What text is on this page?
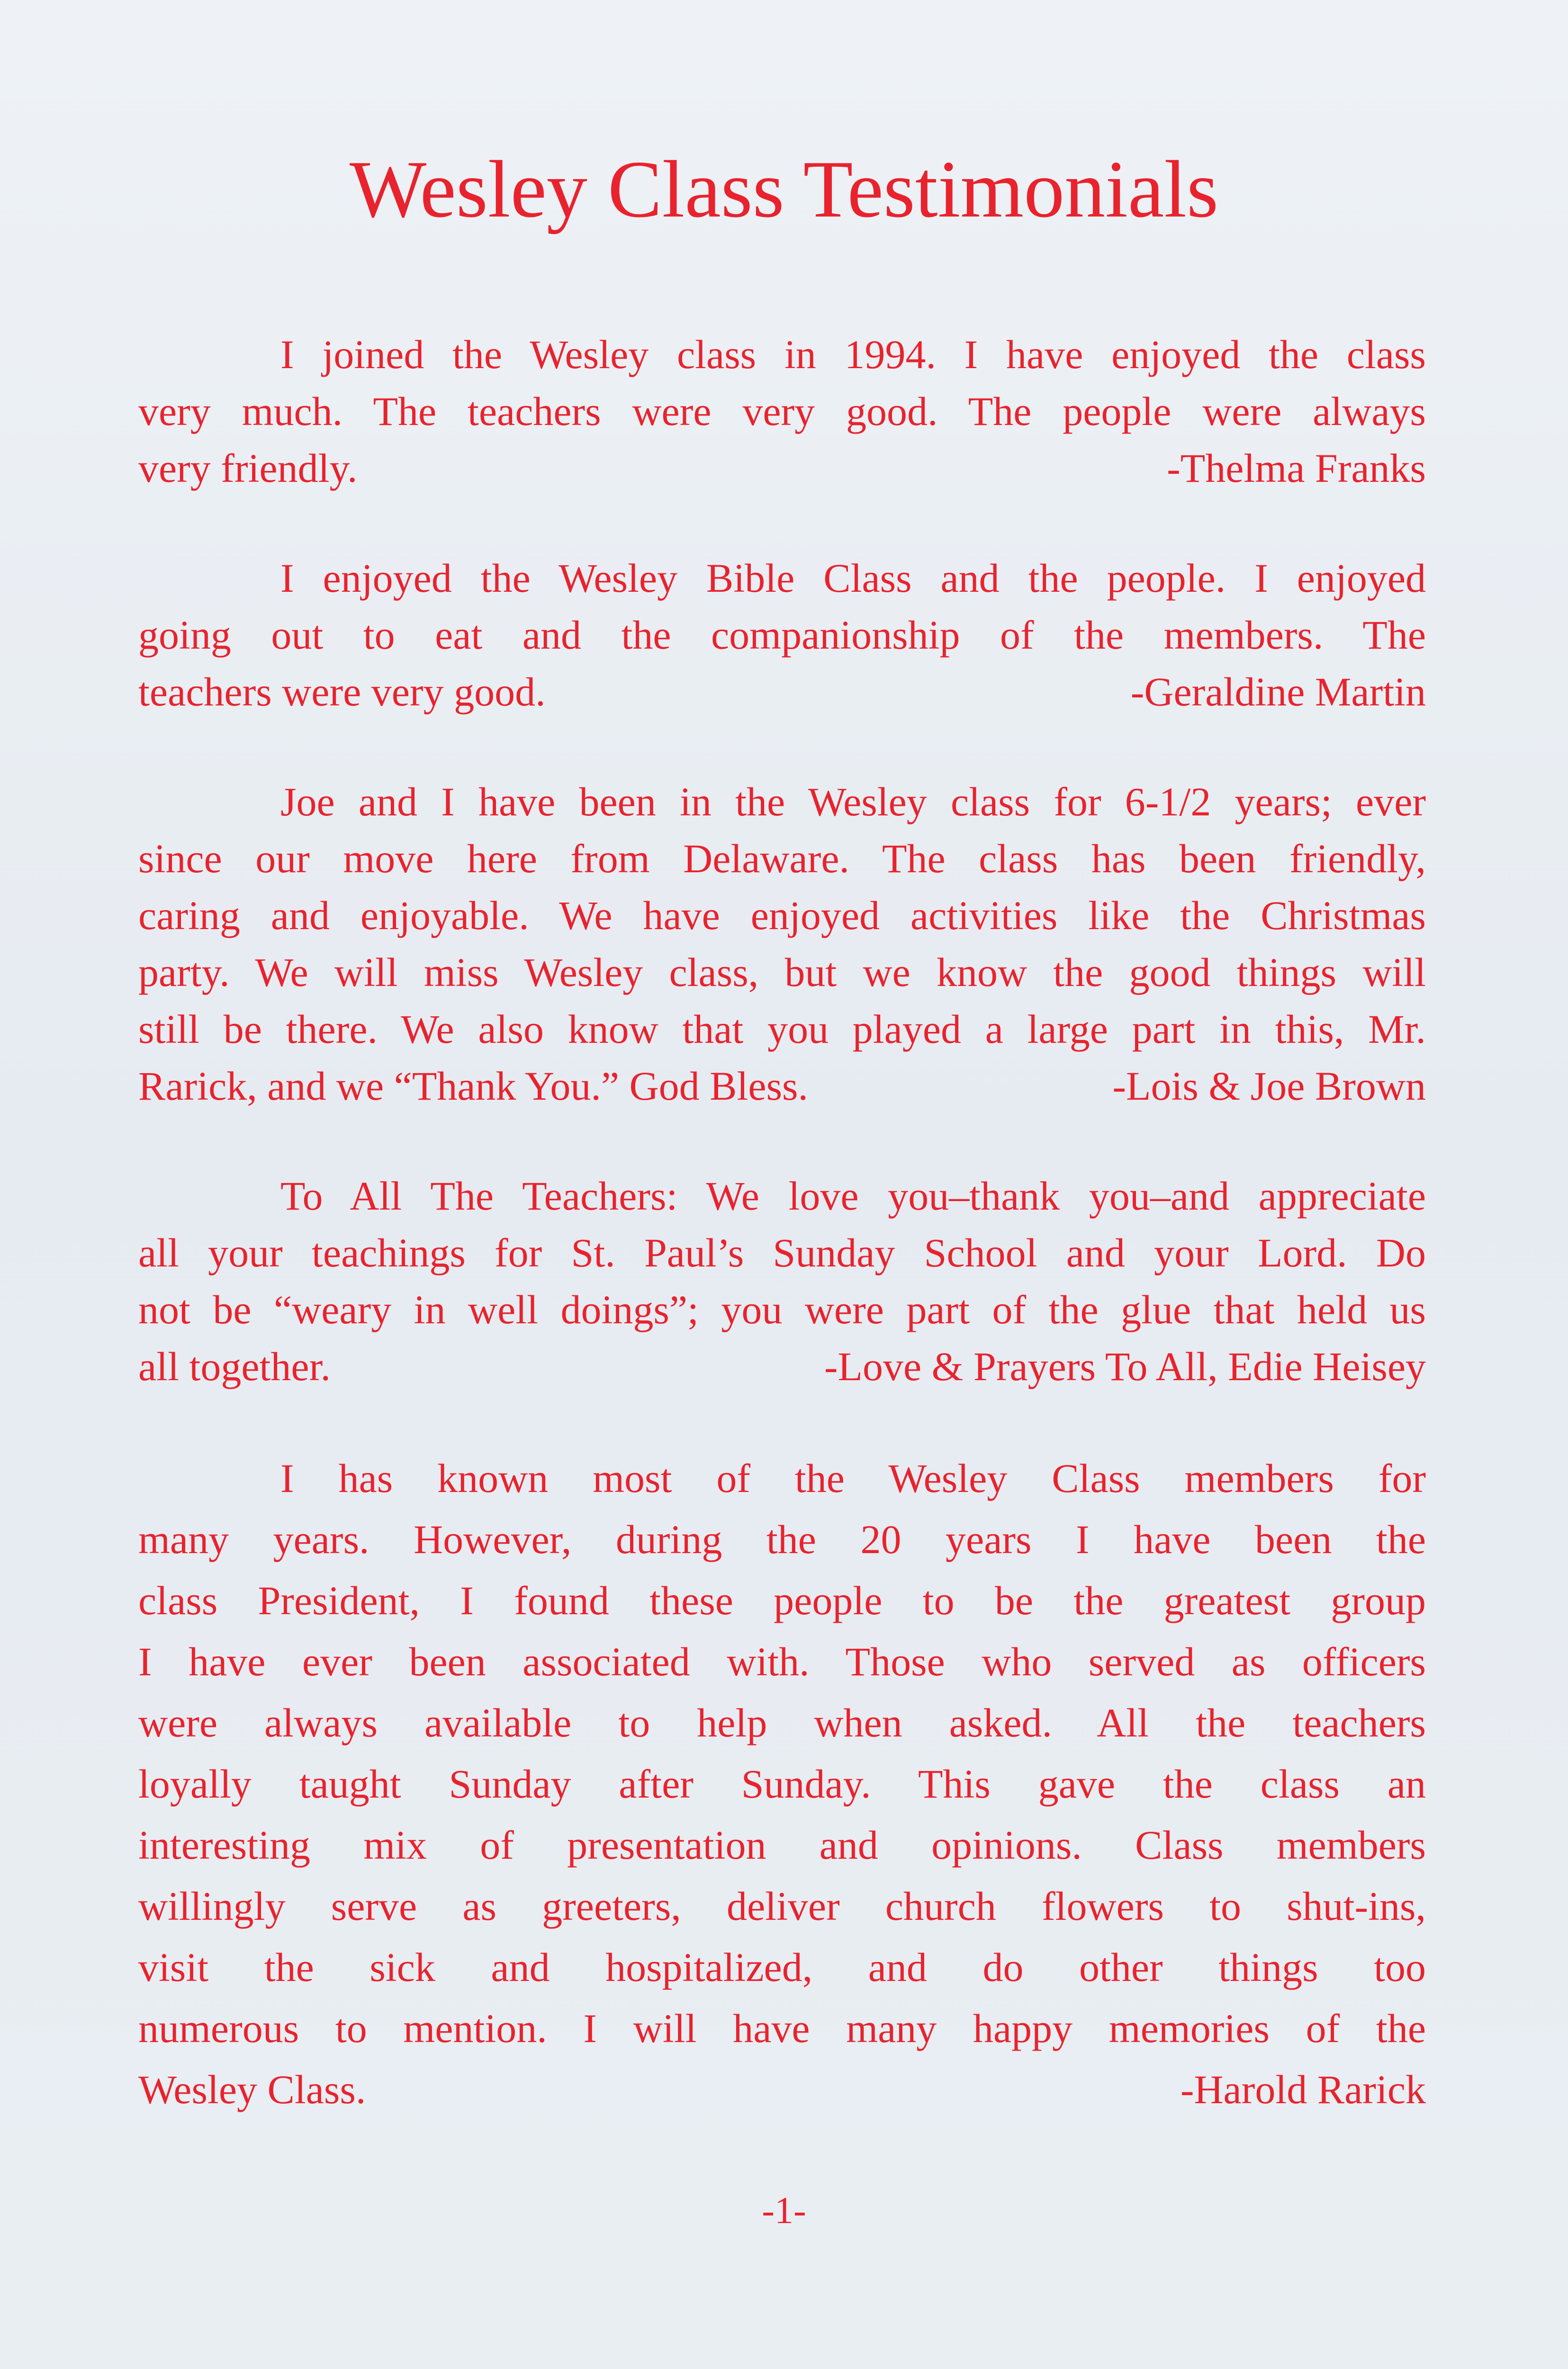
Wesley Class Testimonials
I joined the Wesley class in 1994. I have enjoyed the class
very much. The teachers were very good. The people were always
very friendly.	-Thelma Franks
I enjoyed the Wesley Bible Class and the people. I enjoyed
going out to eat and the companionship of the members. The
teachers were very good.	-Geraldine Martin
Joe and I have been in the Wesley class for 6-1/2 years; ever
since our move here from Delaware. The class has been friendly,
caring and enjoyable. We have enjoyed activities like the Christmas
party. We will miss Wesley class, but we know the good things will
still be there. We also know that you played a large part in this, Mr.
Rarick, and we “Thank You.” God Bless.	-Lois & Joe Brown
To All The Teachers: We love you–thank you–and appreciate
all your teachings for St. Paul’s Sunday School and your Lord. Do
not be “weary in well doings”; you were part of the glue that held us
all together.	-Love & Prayers To All, Edie Heisey
I has known most of the Wesley Class members for
many years. However, during the 20 years I have been the
class President, I found these people to be the greatest group
I have ever been associated with. Those who served as officers
were always available to help when asked. All the teachers
loyally taught Sunday after Sunday. This gave the class an
interesting mix of presentation and opinions. Class members
willingly serve as greeters, deliver church flowers to shut-ins,
visit the sick and hospitalized, and do other things too
numerous to mention. I will have many happy memories of the
Wesley Class.	-Harold Rarick
-1-
